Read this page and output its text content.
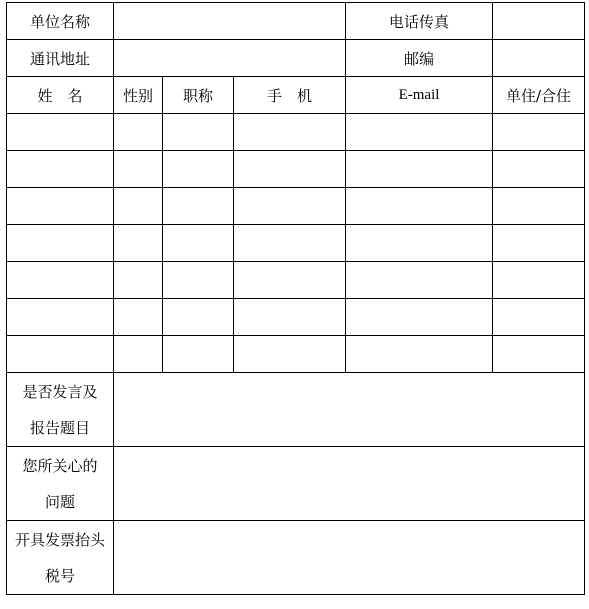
单位名称				电话传真	
通讯地址				邮编	
姓　名	性别	职称	手　机	E-mail	单住/合住

是否发言及
报告题目					

您所关心的
问题					

开具发票抬头
税号					
